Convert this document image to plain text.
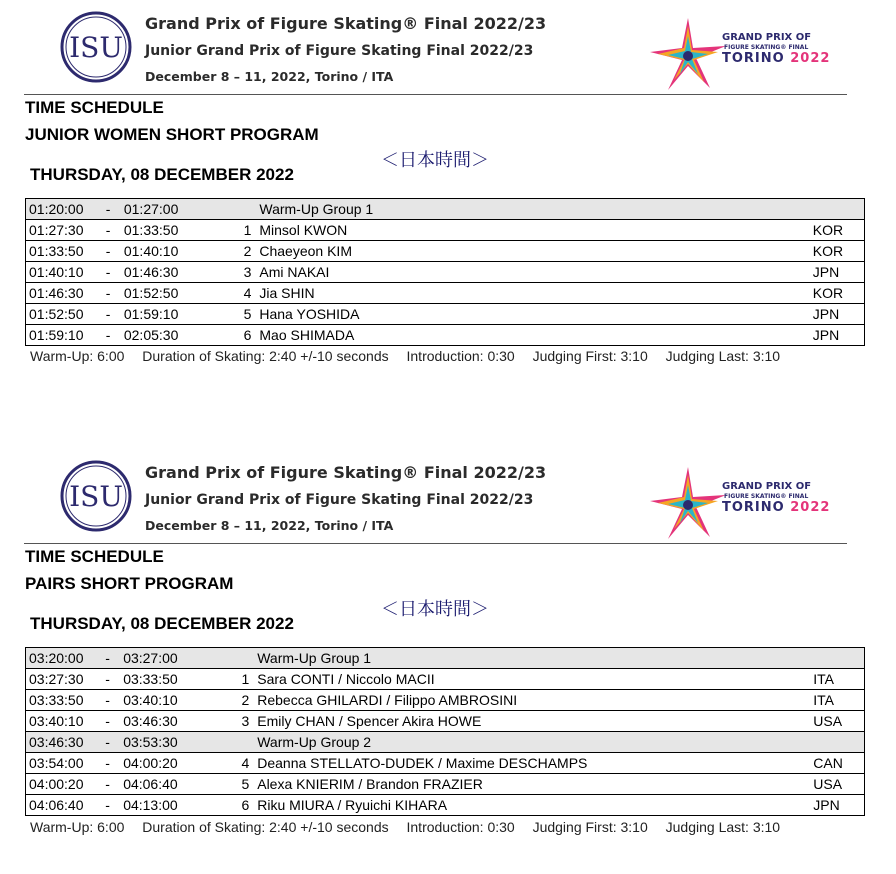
ISU
Grand Prix of Figure Skating® Final 2022/23
Junior Grand Prix of Figure Skating Final 2022/23
December 8 – 11, 2022, Torino / ITA
GRAND PRIX OF
FIGURE SKATING® FINAL
TORINO 2022
TIME SCHEDULE
JUNIOR WOMEN SHORT PROGRAM
＜日本時間＞
THURSDAY, 08 DECEMBER 2022
01:20:00	-	01:27:00		Warm-Up Group 1	
01:27:30	-	01:33:50	1	Minsol KWON	KOR
01:33:50	-	01:40:10	2	Chaeyeon KIM	KOR
01:40:10	-	01:46:30	3	Ami NAKAI	JPN
01:46:30	-	01:52:50	4	Jia SHIN	KOR
01:52:50	-	01:59:10	5	Hana YOSHIDA	JPN
01:59:10	-	02:05:30	6	Mao SHIMADA	JPN
Warm-Up: 6:00 Duration of Skating: 2:40 +/-10 seconds Introduction: 0:30 Judging First: 3:10 Judging Last: 3:10
ISU
Grand Prix of Figure Skating® Final 2022/23
Junior Grand Prix of Figure Skating Final 2022/23
December 8 – 11, 2022, Torino / ITA
GRAND PRIX OF
FIGURE SKATING® FINAL
TORINO 2022
TIME SCHEDULE
PAIRS SHORT PROGRAM
＜日本時間＞
THURSDAY, 08 DECEMBER 2022
03:20:00	-	03:27:00		Warm-Up Group 1	
03:27:30	-	03:33:50	1	Sara CONTI / Niccolo MACII	ITA
03:33:50	-	03:40:10	2	Rebecca GHILARDI / Filippo AMBROSINI	ITA
03:40:10	-	03:46:30	3	Emily CHAN / Spencer Akira HOWE	USA
03:46:30	-	03:53:30		Warm-Up Group 2	
03:54:00	-	04:00:20	4	Deanna STELLATO-DUDEK / Maxime DESCHAMPS	CAN
04:00:20	-	04:06:40	5	Alexa KNIERIM / Brandon FRAZIER	USA
04:06:40	-	04:13:00	6	Riku MIURA / Ryuichi KIHARA	JPN
Warm-Up: 6:00 Duration of Skating: 2:40 +/-10 seconds Introduction: 0:30 Judging First: 3:10 Judging Last: 3:10
